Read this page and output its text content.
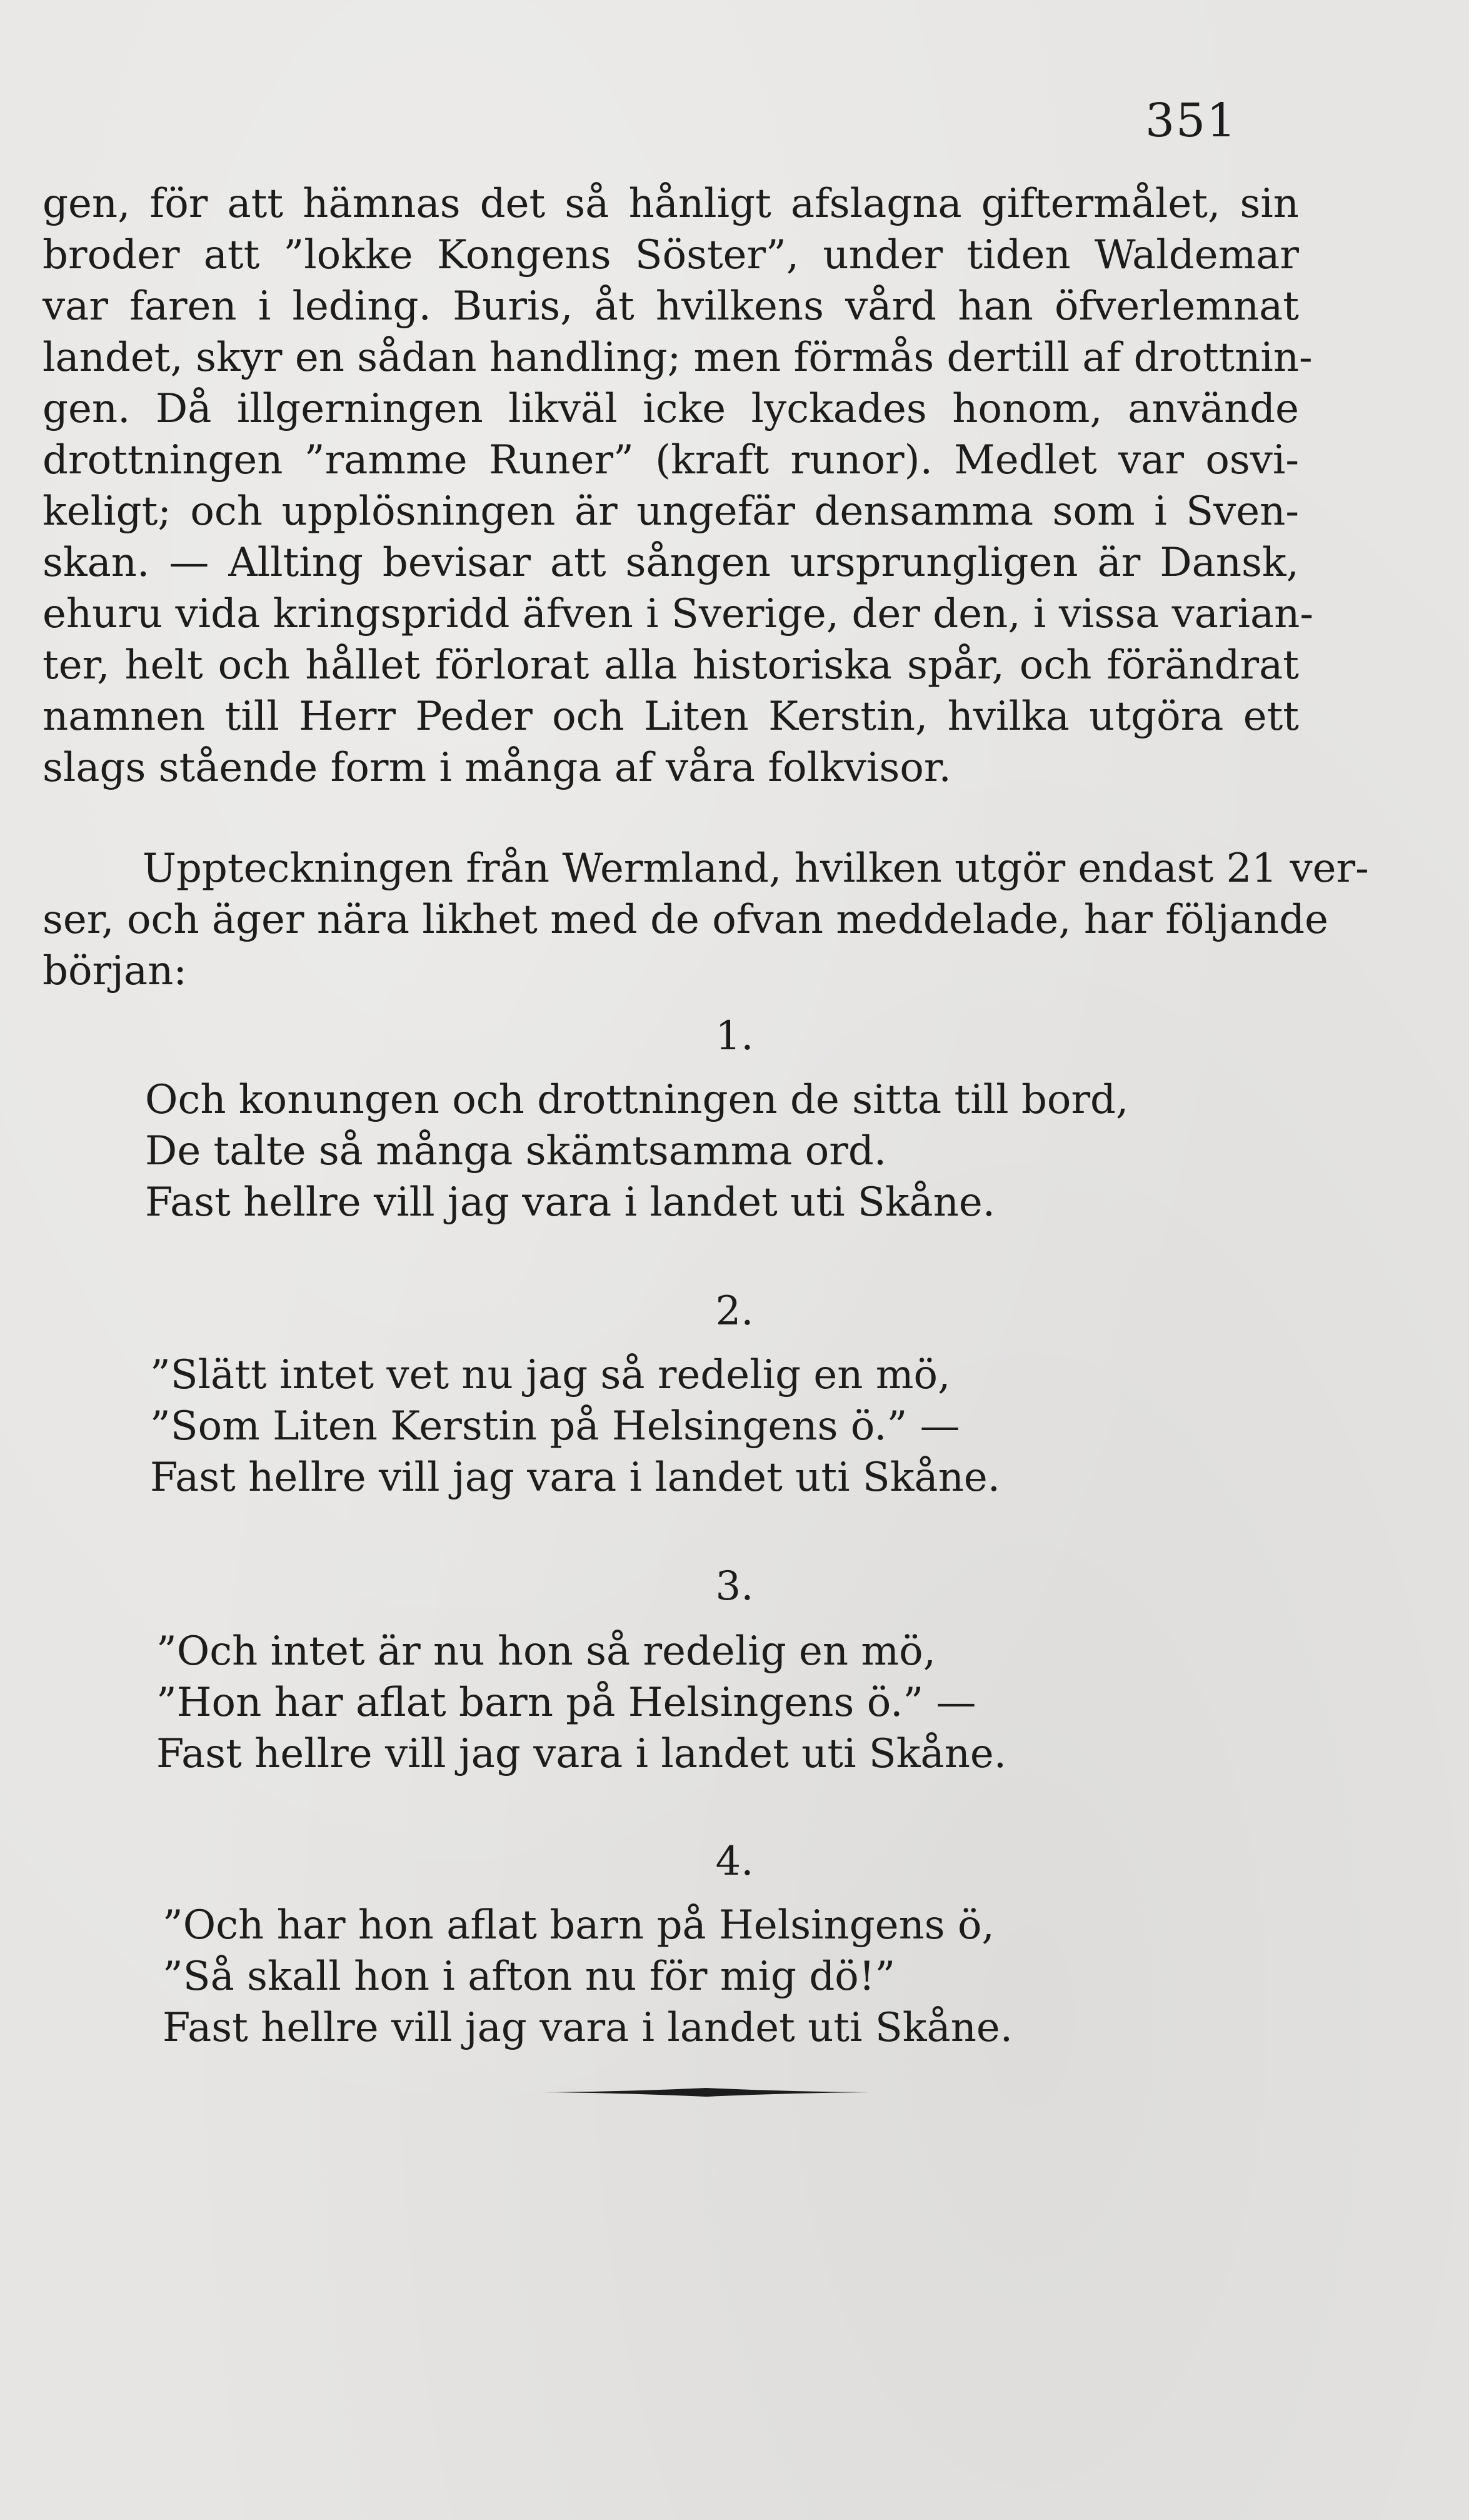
351
gen, för att hämnas det så hånligt afslagna giftermålet, sin
broder att ”lokke Kongens Söster”, under tiden Waldemar
var faren i leding. Buris, åt hvilkens vård han öfverlemnat
landet, skyr en sådan handling; men förmås dertill af drottnin-
gen. Då illgerningen likväl icke lyckades honom, använde
drottningen ”ramme Runer” (kraft runor). Medlet var osvi-
keligt; och upplösningen är ungefär densamma som i Sven-
skan. — Allting bevisar att sången ursprungligen är Dansk,
ehuru vida kringspridd äfven i Sverige, der den, i vissa varian-
ter, helt och hållet förlorat alla historiska spår, och förändrat
namnen till Herr Peder och Liten Kerstin, hvilka utgöra ett
slags stående form i många af våra folkvisor.
Uppteckningen från Wermland, hvilken utgör endast 21 ver-
ser, och äger nära likhet med de ofvan meddelade, har följande
början:
1.
Och konungen och drottningen de sitta till bord,
De talte så många skämtsamma ord.
Fast hellre vill jag vara i landet uti Skåne.
2.
”Slätt intet vet nu jag så redelig en mö,
”Som Liten Kerstin på Helsingens ö.” —
Fast hellre vill jag vara i landet uti Skåne.
3.
”Och intet är nu hon så redelig en mö,
”Hon har aflat barn på Helsingens ö.” —
Fast hellre vill jag vara i landet uti Skåne.
4.
”Och har hon aflat barn på Helsingens ö,
”Så skall hon i afton nu för mig dö!”
Fast hellre vill jag vara i landet uti Skåne.
